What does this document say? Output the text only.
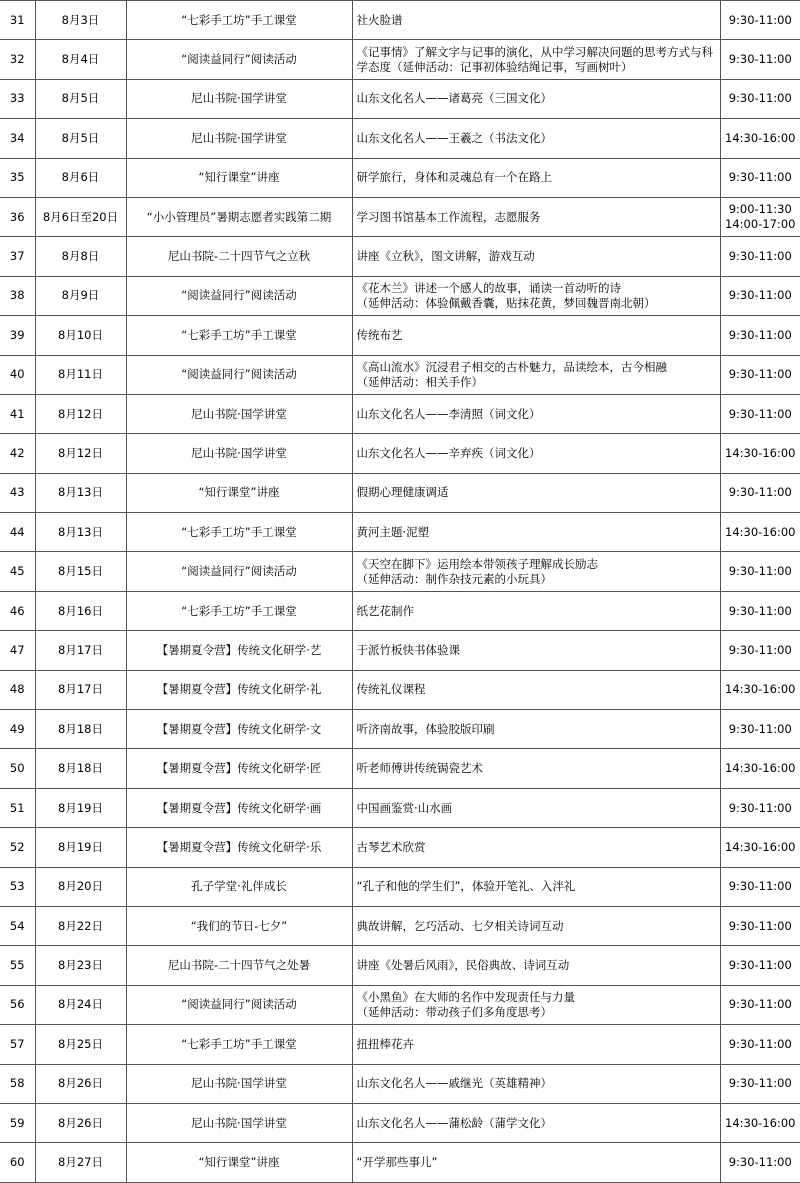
31	8月3日	“七彩手工坊”手工课堂	社火脸谱	9:30-11:00
32	8月4日	“阅读益同行”阅读活动	《记事情》了解文字与记事的演化，从中学习解决问题的思考方式与科学态度（延伸活动：记事初体验结绳记事，写画树叶）	9:30-11:00
33	8月5日	尼山书院·国学讲堂	山东文化名人——诸葛亮（三国文化）	9:30-11:00
34	8月5日	尼山书院·国学讲堂	山东文化名人——王羲之（书法文化）	14:30-16:00
35	8月6日	“知行课堂”讲座	研学旅行，身体和灵魂总有一个在路上	9:30-11:00
36	8月6日至20日	“小小管理员”暑期志愿者实践第二期	学习图书馆基本工作流程，志愿服务	9:00-11:30
14:00-17:00
37	8月8日	尼山书院-二十四节气之立秋	讲座《立秋》，图文讲解，游戏互动	9:30-11:00
38	8月9日	“阅读益同行”阅读活动	《花木兰》讲述一个感人的故事，诵读一首动听的诗
（延伸活动：体验佩戴香囊，贴抹花黄，梦回魏晋南北朝）	9:30-11:00
39	8月10日	“七彩手工坊”手工课堂	传统布艺	9:30-11:00
40	8月11日	“阅读益同行”阅读活动	《高山流水》沉浸君子相交的古朴魅力，品读绘本，古今相融
（延伸活动：相关手作）	9:30-11:00
41	8月12日	尼山书院·国学讲堂	山东文化名人——李清照（词文化）	9:30-11:00
42	8月12日	尼山书院·国学讲堂	山东文化名人——辛弃疾（词文化）	14:30-16:00
43	8月13日	“知行课堂”讲座	假期心理健康调适	9:30-11:00
44	8月13日	“七彩手工坊”手工课堂	黄河主题·泥塑	14:30-16:00
45	8月15日	“阅读益同行”阅读活动	《天空在脚下》运用绘本带领孩子理解成长励志
（延伸活动：制作杂技元素的小玩具）	9:30-11:00
46	8月16日	“七彩手工坊”手工课堂	纸艺花制作	9:30-11:00
47	8月17日	【暑期夏令营】传统文化研学·艺	于派竹板快书体验课	9:30-11:00
48	8月17日	【暑期夏令营】传统文化研学·礼	传统礼仪课程	14:30-16:00
49	8月18日	【暑期夏令营】传统文化研学·文	听济南故事，体验胶版印刷	9:30-11:00
50	8月18日	【暑期夏令营】传统文化研学·匠	听老师傅讲传统锔瓷艺术	14:30-16:00
51	8月19日	【暑期夏令营】传统文化研学·画	中国画鉴赏·山水画	9:30-11:00
52	8月19日	【暑期夏令营】传统文化研学·乐	古琴艺术欣赏	14:30-16:00
53	8月20日	孔子学堂·礼伴成长	“孔子和他的学生们”，体验开笔礼、入泮礼	9:30-11:00
54	8月22日	“我们的节日-七夕”	典故讲解，乞巧活动、七夕相关诗词互动	9:30-11:00
55	8月23日	尼山书院-二十四节气之处暑	讲座《处暑后风雨》，民俗典故、诗词互动	9:30-11:00
56	8月24日	“阅读益同行”阅读活动	《小黑鱼》在大师的名作中发现责任与力量
（延伸活动：带动孩子们多角度思考）	9:30-11:00
57	8月25日	“七彩手工坊”手工课堂	扭扭棒花卉	9:30-11:00
58	8月26日	尼山书院·国学讲堂	山东文化名人——戚继光（英雄精神）	9:30-11:00
59	8月26日	尼山书院·国学讲堂	山东文化名人——蒲松龄（蒲学文化）	14:30-16:00
60	8月27日	“知行课堂”讲座	“开学那些事儿”	9:30-11:00
